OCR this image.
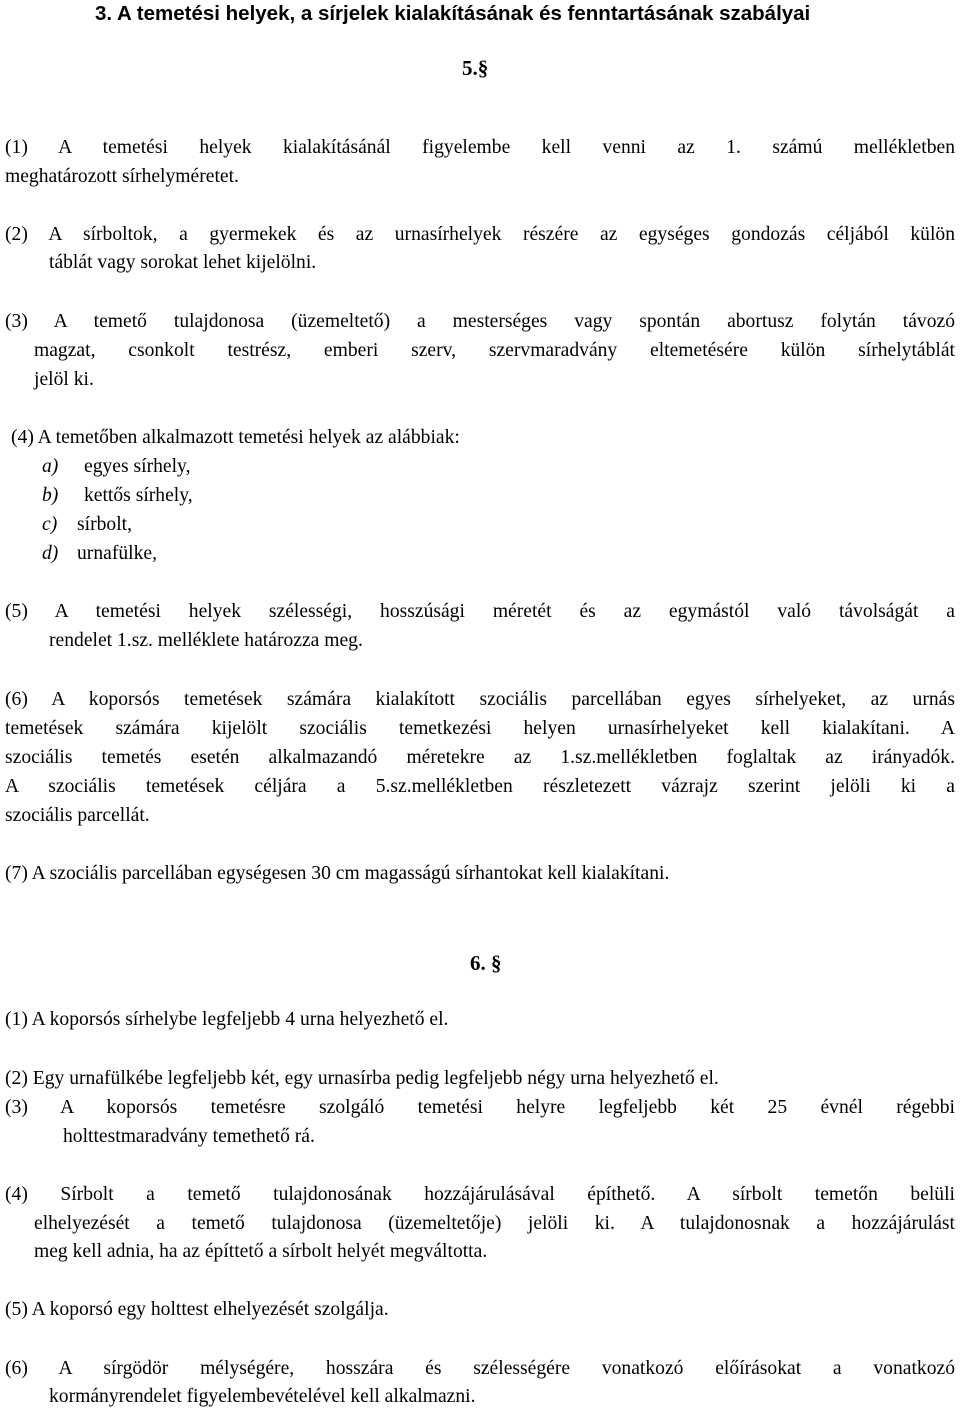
3. A temetési helyek, a sírjelek kialakításának és fenntartásának szabályai
5.§
(1) A temetési helyek kialakításánál figyelembe kell venni az 1. számú mellékletben
meghatározott sírhelyméretet.
(2) A sírboltok, a gyermekek és az urnasírhelyek részére az egységes gondozás céljából külön
táblát vagy sorokat lehet kijelölni.
(3) A temető tulajdonosa (üzemeltető) a mesterséges vagy spontán abortusz folytán távozó
magzat, csonkolt testrész, emberi szerv, szervmaradvány eltemetésére külön sírhelytáblát
jelöl ki.
(4) A temetőben alkalmazott temetési helyek az alábbiak:
a) egyes sírhely,
b) kettős sírhely,
c) sírbolt,
d) urnafülke,
(5) A temetési helyek szélességi, hosszúsági méretét és az egymástól való távolságát a
rendelet 1.sz. melléklete határozza meg.
(6) A koporsós temetések számára kialakított szociális parcellában egyes sírhelyeket, az urnás
temetések számára kijelölt szociális temetkezési helyen urnasírhelyeket kell kialakítani. A
szociális temetés esetén alkalmazandó méretekre az 1.sz.mellékletben foglaltak az irányadók.
A szociális temetések céljára a 5.sz.mellékletben részletezett vázrajz szerint jelöli ki a
szociális parcellát.
(7) A szociális parcellában egységesen 30 cm magasságú sírhantokat kell kialakítani.
6. §
(1) A koporsós sírhelybe legfeljebb 4 urna helyezhető el.
(2) Egy urnafülkébe legfeljebb két, egy urnasírba pedig legfeljebb négy urna helyezhető el.
(3) A koporsós temetésre szolgáló temetési helyre legfeljebb két 25 évnél régebbi
holttestmaradvány temethető rá.
(4) Sírbolt a temető tulajdonosának hozzájárulásával építhető. A sírbolt temetőn belüli
elhelyezését a temető tulajdonosa (üzemeltetője) jelöli ki. A tulajdonosnak a hozzájárulást
meg kell adnia, ha az építtető a sírbolt helyét megváltotta.
(5) A koporsó egy holttest elhelyezését szolgálja.
(6) A sírgödör mélységére, hosszára és szélességére vonatkozó előírásokat a vonatkozó
kormányrendelet figyelembevételével kell alkalmazni.
